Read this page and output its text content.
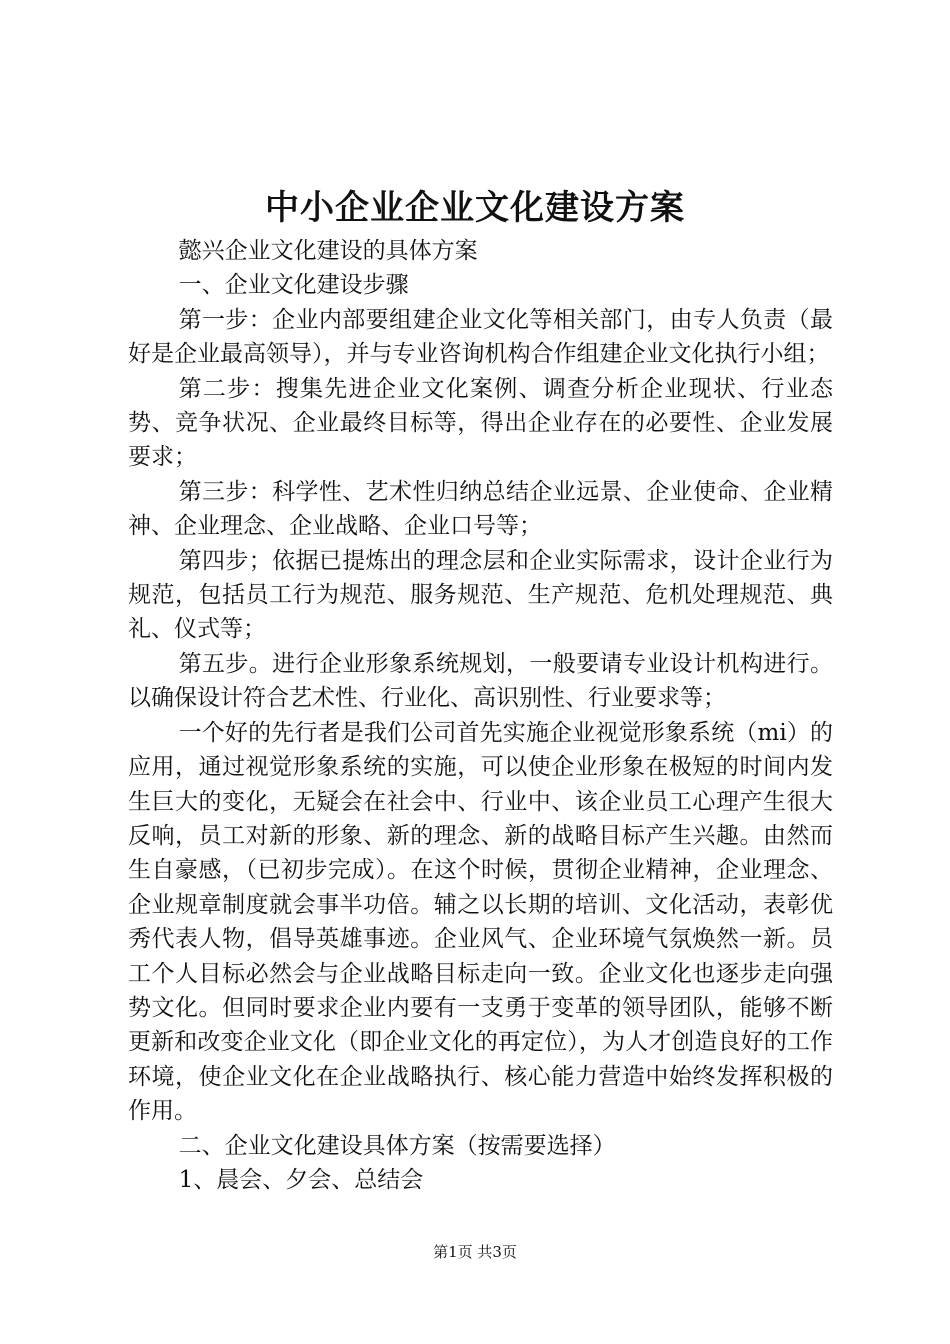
中小企业企业文化建设方案

懿兴企业文化建设的具体方案

一、企业文化建设步骤

第一步：企业内部要组建企业文化等相关部门，由专人负责（最好是企业最高领导），并与专业咨询机构合作组建企业文化执行小组；

第二步：搜集先进企业文化案例、调查分析企业现状、行业态势、竞争状况、企业最终目标等，得出企业存在的必要性、企业发展要求；

第三步：科学性、艺术性归纳总结企业远景、企业使命、企业精神、企业理念、企业战略、企业口号等；

第四步；依据已提炼出的理念层和企业实际需求，设计企业行为规范，包括员工行为规范、服务规范、生产规范、危机处理规范、典礼、仪式等；

第五步。进行企业形象系统规划，一般要请专业设计机构进行。以确保设计符合艺术性、行业化、高识别性、行业要求等；

一个好的先行者是我们公司首先实施企业视觉形象系统（mi）的应用，通过视觉形象系统的实施，可以使企业形象在极短的时间内发生巨大的变化，无疑会在社会中、行业中、该企业员工心理产生很大反响，员工对新的形象、新的理念、新的战略目标产生兴趣。由然而生自豪感，（已初步完成）。在这个时候，贯彻企业精神，企业理念、企业规章制度就会事半功倍。辅之以长期的培训、文化活动，表彰优秀代表人物，倡导英雄事迹。企业风气、企业环境气氛焕然一新。员工个人目标必然会与企业战略目标走向一致。企业文化也逐步走向强势文化。但同时要求企业内要有一支勇于变革的领导团队，能够不断更新和改变企业文化（即企业文化的再定位），为人才创造良好的工作环境，使企业文化在企业战略执行、核心能力营造中始终发挥积极的作用。

二、企业文化建设具体方案（按需要选择）

1、晨会、夕会、总结会

第1页 共3页
